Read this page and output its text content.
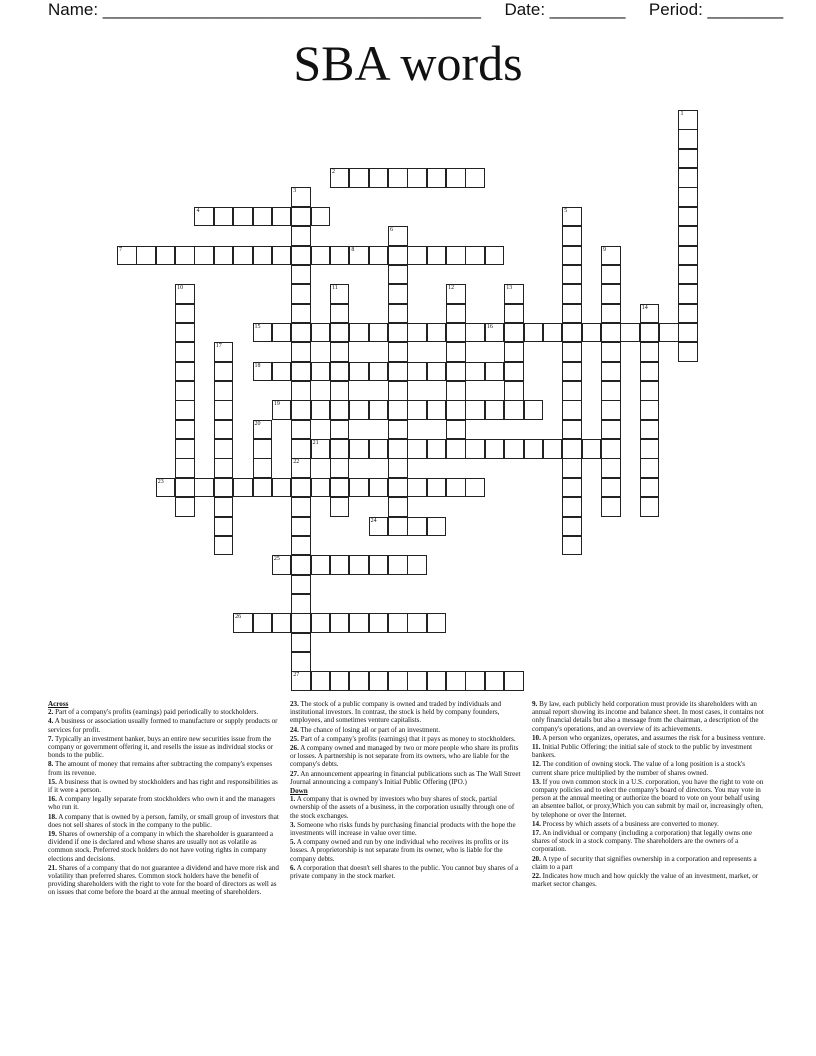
Name: ________________________________________ Date: ________ Period: ________
SBA words
1
2
3
22
4	5
6
7	8	9
10	11	12	13
14
15	16
17
18
19
20
21
23
24
25
26
27
Across
2. Part of a company's profits (earnings) paid periodically to stockholders.
4. A business or association usually formed to manufacture or supply products or services for profit.
7. Typically an investment banker, buys an entire new securities issue from the company or government offering it, and resells the issue as individual stocks or bonds to the public.
8. The amount of money that remains after subtracting the company's expenses from its revenue.
15. A business that is owned by stockholders and has right and responsibilities as if it were a person.
16. A company legally separate from stockholders who own it and the managers who run it.
18. A company that is owned by a person, family, or small group of investors that does not sell shares of stock in the company to the public.
19. Shares of ownership of a company in which the shareholder is guaranteed a dividend if one is declared and whose shares are usually not as volatile as common stock. Preferred stock holders do not have voting rights in company elections and decisions.
21. Shares of a company that do not guarantee a dividend and have more risk and volatility than preferred shares. Common stock holders have the benefit of providing shareholders with the right to vote for the board of directors as well as on issues that come before the board at the annual meeting of shareholders.
23. The stock of a public company is owned and traded by individuals and institutional investors. In contrast, the stock is held by company founders, employees, and sometimes venture capitalists.
24. The chance of losing all or part of an investment.
25. Part of a company's profits (earnings) that it pays as money to stockholders.
26. A company owned and managed by two or more people who share its profits or losses. A partnership is not separate from its owners, who are liable for the company's debts.
27. An announcement appearing in financial publications such as The Wall Street Journal announcing a company's Initial Public Offering (IPO.)
Down
1. A company that is owned by investors who buy shares of stock, partial ownership of the assets of a business, in the corporation usually through one of the stock exchanges.
3. Someone who risks funds by purchasing financial products with the hope the investments will increase in value over time.
5. A company owned and run by one individual who receives its profits or its losses. A proprietorship is not separate from its owner, who is liable for the company debts.
6. A corporation that doesn't sell shares to the public. You cannot buy shares of a private company in the stock market.
9. By law, each publicly held corporation must provide its shareholders with an annual report showing its income and balance sheet. In most cases, it contains not only financial details but also a message from the chairman, a description of the company's operations, and an overview of its achievements.
10. A person who organizes, operates, and assumes the risk for a business venture.
11. Initial Public Offering; the initial sale of stock to the public by investment bankers.
12. The condition of owning stock. The value of a long position is a stock's current share price multiplied by the number of shares owned.
13. If you own common stock in a U.S. corporation, you have the right to vote on company policies and to elect the company's board of directors. You may vote in person at the annual meeting or authorize the board to vote on your behalf using an absentee ballot, or proxy,Which you can submit by mail or, increasingly often, by telephone or over the Internet.
14. Process by which assets of a business are converted to money.
17. An individual or company (including a corporation) that legally owns one shares of stock in a stock company. The shareholders are the owners of a corporation.
20. A type of security that signifies ownership in a corporation and represents a claim to a part
22. Indicates how much and how quickly the value of an investment, market, or market sector changes.
